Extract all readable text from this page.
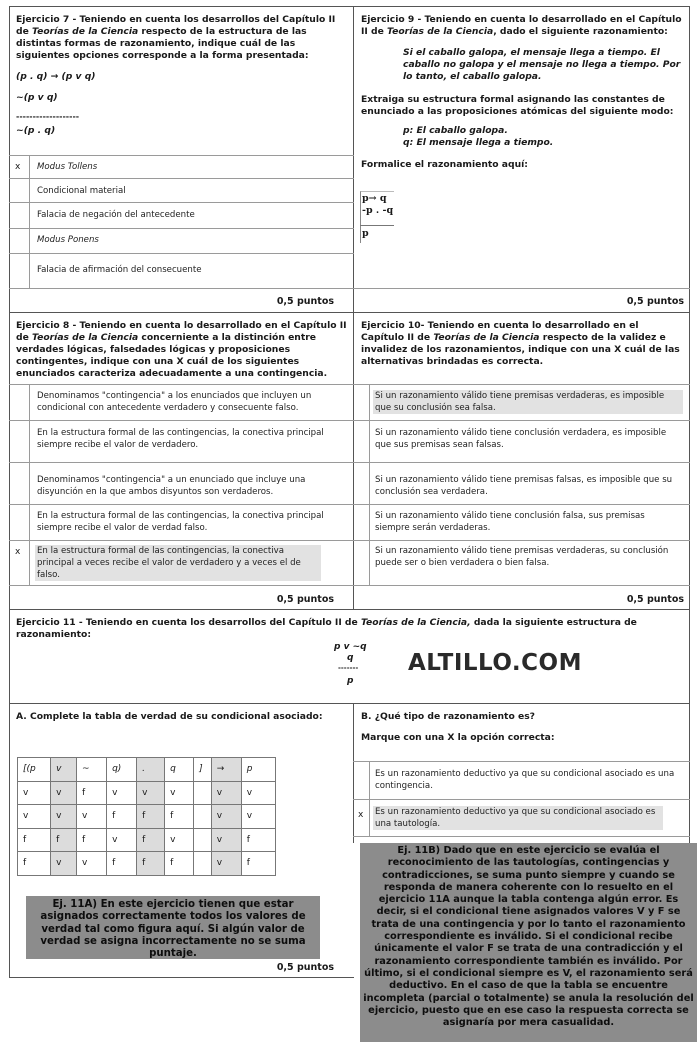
Ejercicio 7 - Teniendo en cuenta los desarrollos del Capítulo II de Teorías de la Ciencia respecto de la estructura de las distintas formas de razonamiento, indique cuál de las siguientes opciones corresponde a la forma presentada:
(p . q) → (p v q)
~(p v q)
-------------------
~(p . q)
x Modus Tollens
Condicional material
Falacia de negación del antecedente
Modus Ponens
Falacia de afirmación del consecuente
0,5 puntos
Ejercicio 9 - Teniendo en cuenta lo desarrollado en el Capítulo II de Teorías de la Ciencia, dado el siguiente razonamiento:
Si el caballo galopa, el mensaje llega a tiempo. El caballo no galopa y el mensaje no llega a tiempo. Por lo tanto, el caballo galopa.
Extraiga su estructura formal asignando las constantes de enunciado a las proposiciones atómicas del siguiente modo:
p: El caballo galopa.
q: El mensaje llega a tiempo.
Formalice el razonamiento aquí:
p→ q
-p . -q
p
0,5 puntos
Ejercicio 8 - Teniendo en cuenta lo desarrollado en el Capítulo II de Teorías de la Ciencia concerniente a la distinción entre verdades lógicas, falsedades lógicas y proposiciones contingentes, indique con una X cuál de los siguientes enunciados caracteriza adecuadamente a una contingencia.
Denominamos "contingencia" a los enunciados que incluyen un condicional con antecedente verdadero y consecuente falso.
En la estructura formal de las contingencias, la conectiva principal siempre recibe el valor de verdadero.
Denominamos "contingencia" a un enunciado que incluye una disyunción en la que ambos disyuntos son verdaderos.
En la estructura formal de las contingencias, la conectiva principal siempre recibe el valor de verdad falso.
x En la estructura formal de las contingencias, la conectiva principal a veces recibe el valor de verdadero y a veces el de falso.
0,5 puntos
Ejercicio 10- Teniendo en cuenta lo desarrollado en el Capítulo II de Teorías de la Ciencia respecto de la validez e invalidez de los razonamientos, indique con una X cuál de las alternativas brindadas es correcta.
Si un razonamiento válido tiene premisas verdaderas, es imposible que su conclusión sea falsa.
Si un razonamiento válido tiene conclusión verdadera, es imposible que sus premisas sean falsas.
Si un razonamiento válido tiene premisas falsas, es imposible que su conclusión sea verdadera.
Si un razonamiento válido tiene conclusión falsa, sus premisas siempre serán verdaderas.
Si un razonamiento válido tiene premisas verdaderas, su conclusión puede ser o bien verdadera o bien falsa.
0,5 puntos
Ejercicio 11 - Teniendo en cuenta los desarrollos del Capítulo II de Teorías de la Ciencia, dada la siguiente estructura de razonamiento:
p v ~q
q
-------
p
ALTILLO.COM
A. Complete la tabla de verdad de su condicional asociado:
[(p	v	~	q)	.	q	]	→	p
v	v	f	v	v	v		v	v
v	v	v	f	f	f		v	v
f	f	f	v	f	v		v	f
f	v	v	f	f	f		v	f
Ej. 11A) En este ejercicio tienen que estar asignados correctamente todos los valores de verdad tal como figura aquí. Si algún valor de verdad se asigna incorrectamente no se suma puntaje.
0,5 puntos
B. ¿Qué tipo de razonamiento es?
Marque con una X la opción correcta:
Es un razonamiento deductivo ya que su condicional asociado es una contingencia.
x Es un razonamiento deductivo ya que su condicional asociado es una tautología.
Ej. 11B) Dado que en este ejercicio se evalúa el reconocimiento de las tautologías, contingencias y contradicciones, se suma punto siempre y cuando se responda de manera coherente con lo resuelto en el ejercicio 11A aunque la tabla contenga algún error. Es decir, si el condicional tiene asignados valores V y F se trata de una contingencia y por lo tanto el razonamiento correspondiente es inválido. Si el condicional recibe únicamente el valor F se trata de una contradicción y el razonamiento correspondiente también es inválido. Por último, si el condicional siempre es V, el razonamiento será deductivo. En el caso de que la tabla se encuentre incompleta (parcial o totalmente) se anula la resolución del ejercicio, puesto que en ese caso la respuesta correcta se asignaría por mera casualidad.
